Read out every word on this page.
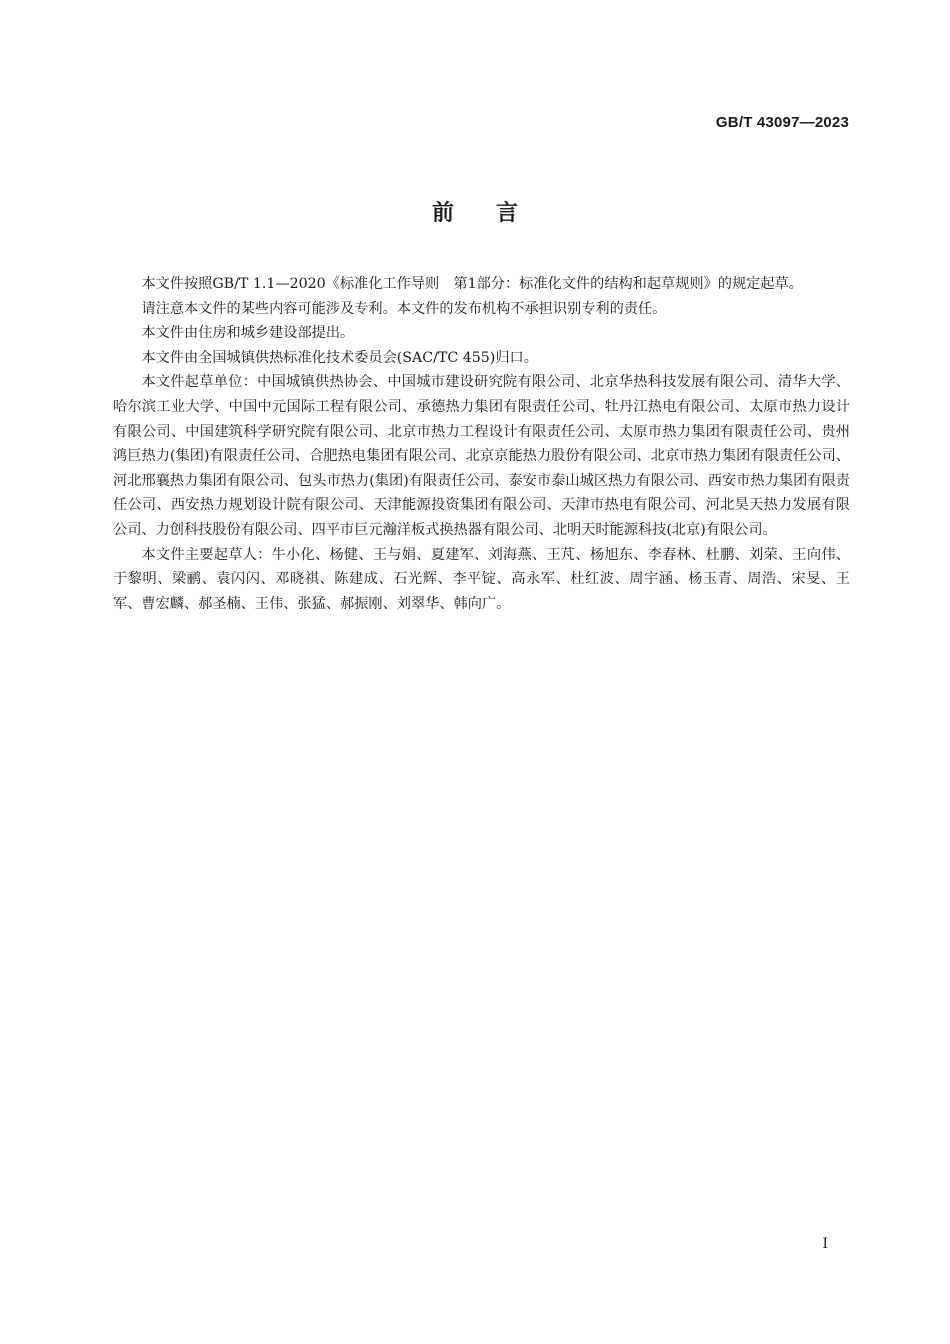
GB/T 43097—2023
前言

本文件按照GB/T 1.1—2020《标准化工作导则　第1部分：标准化文件的结构和起草规则》的规定起草。

请注意本文件的某些内容可能涉及专利。本文件的发布机构不承担识别专利的责任。

本文件由住房和城乡建设部提出。

本文件由全国城镇供热标准化技术委员会(SAC/TC 455)归口。

本文件起草单位：中国城镇供热协会、中国城市建设研究院有限公司、北京华热科技发展有限公司、清华大学、哈尔滨工业大学、中国中元国际工程有限公司、承德热力集团有限责任公司、牡丹江热电有限公司、太原市热力设计有限公司、中国建筑科学研究院有限公司、北京市热力工程设计有限责任公司、太原市热力集团有限责任公司、贵州鸿巨热力(集团)有限责任公司、合肥热电集团有限公司、北京京能热力股份有限公司、北京市热力集团有限责任公司、河北邢襄热力集团有限公司、包头市热力(集团)有限责任公司、泰安市泰山城区热力有限公司、西安市热力集团有限责任公司、西安热力规划设计院有限公司、天津能源投资集团有限公司、天津市热电有限公司、河北昊天热力发展有限公司、力创科技股份有限公司、四平市巨元瀚洋板式换热器有限公司、北明天时能源科技(北京)有限公司。

本文件主要起草人：牛小化、杨健、王与娟、夏建军、刘海燕、王芃、杨旭东、李春林、杜鹏、刘荣、王向伟、于黎明、梁鹂、袁闪闪、邓晓祺、陈建成、石光辉、李平锭、高永军、杜红波、周宇涵、杨玉青、周浩、宋旻、王军、曹宏麟、郝圣楠、王伟、张猛、郝振刚、刘翠华、韩向广。

I
